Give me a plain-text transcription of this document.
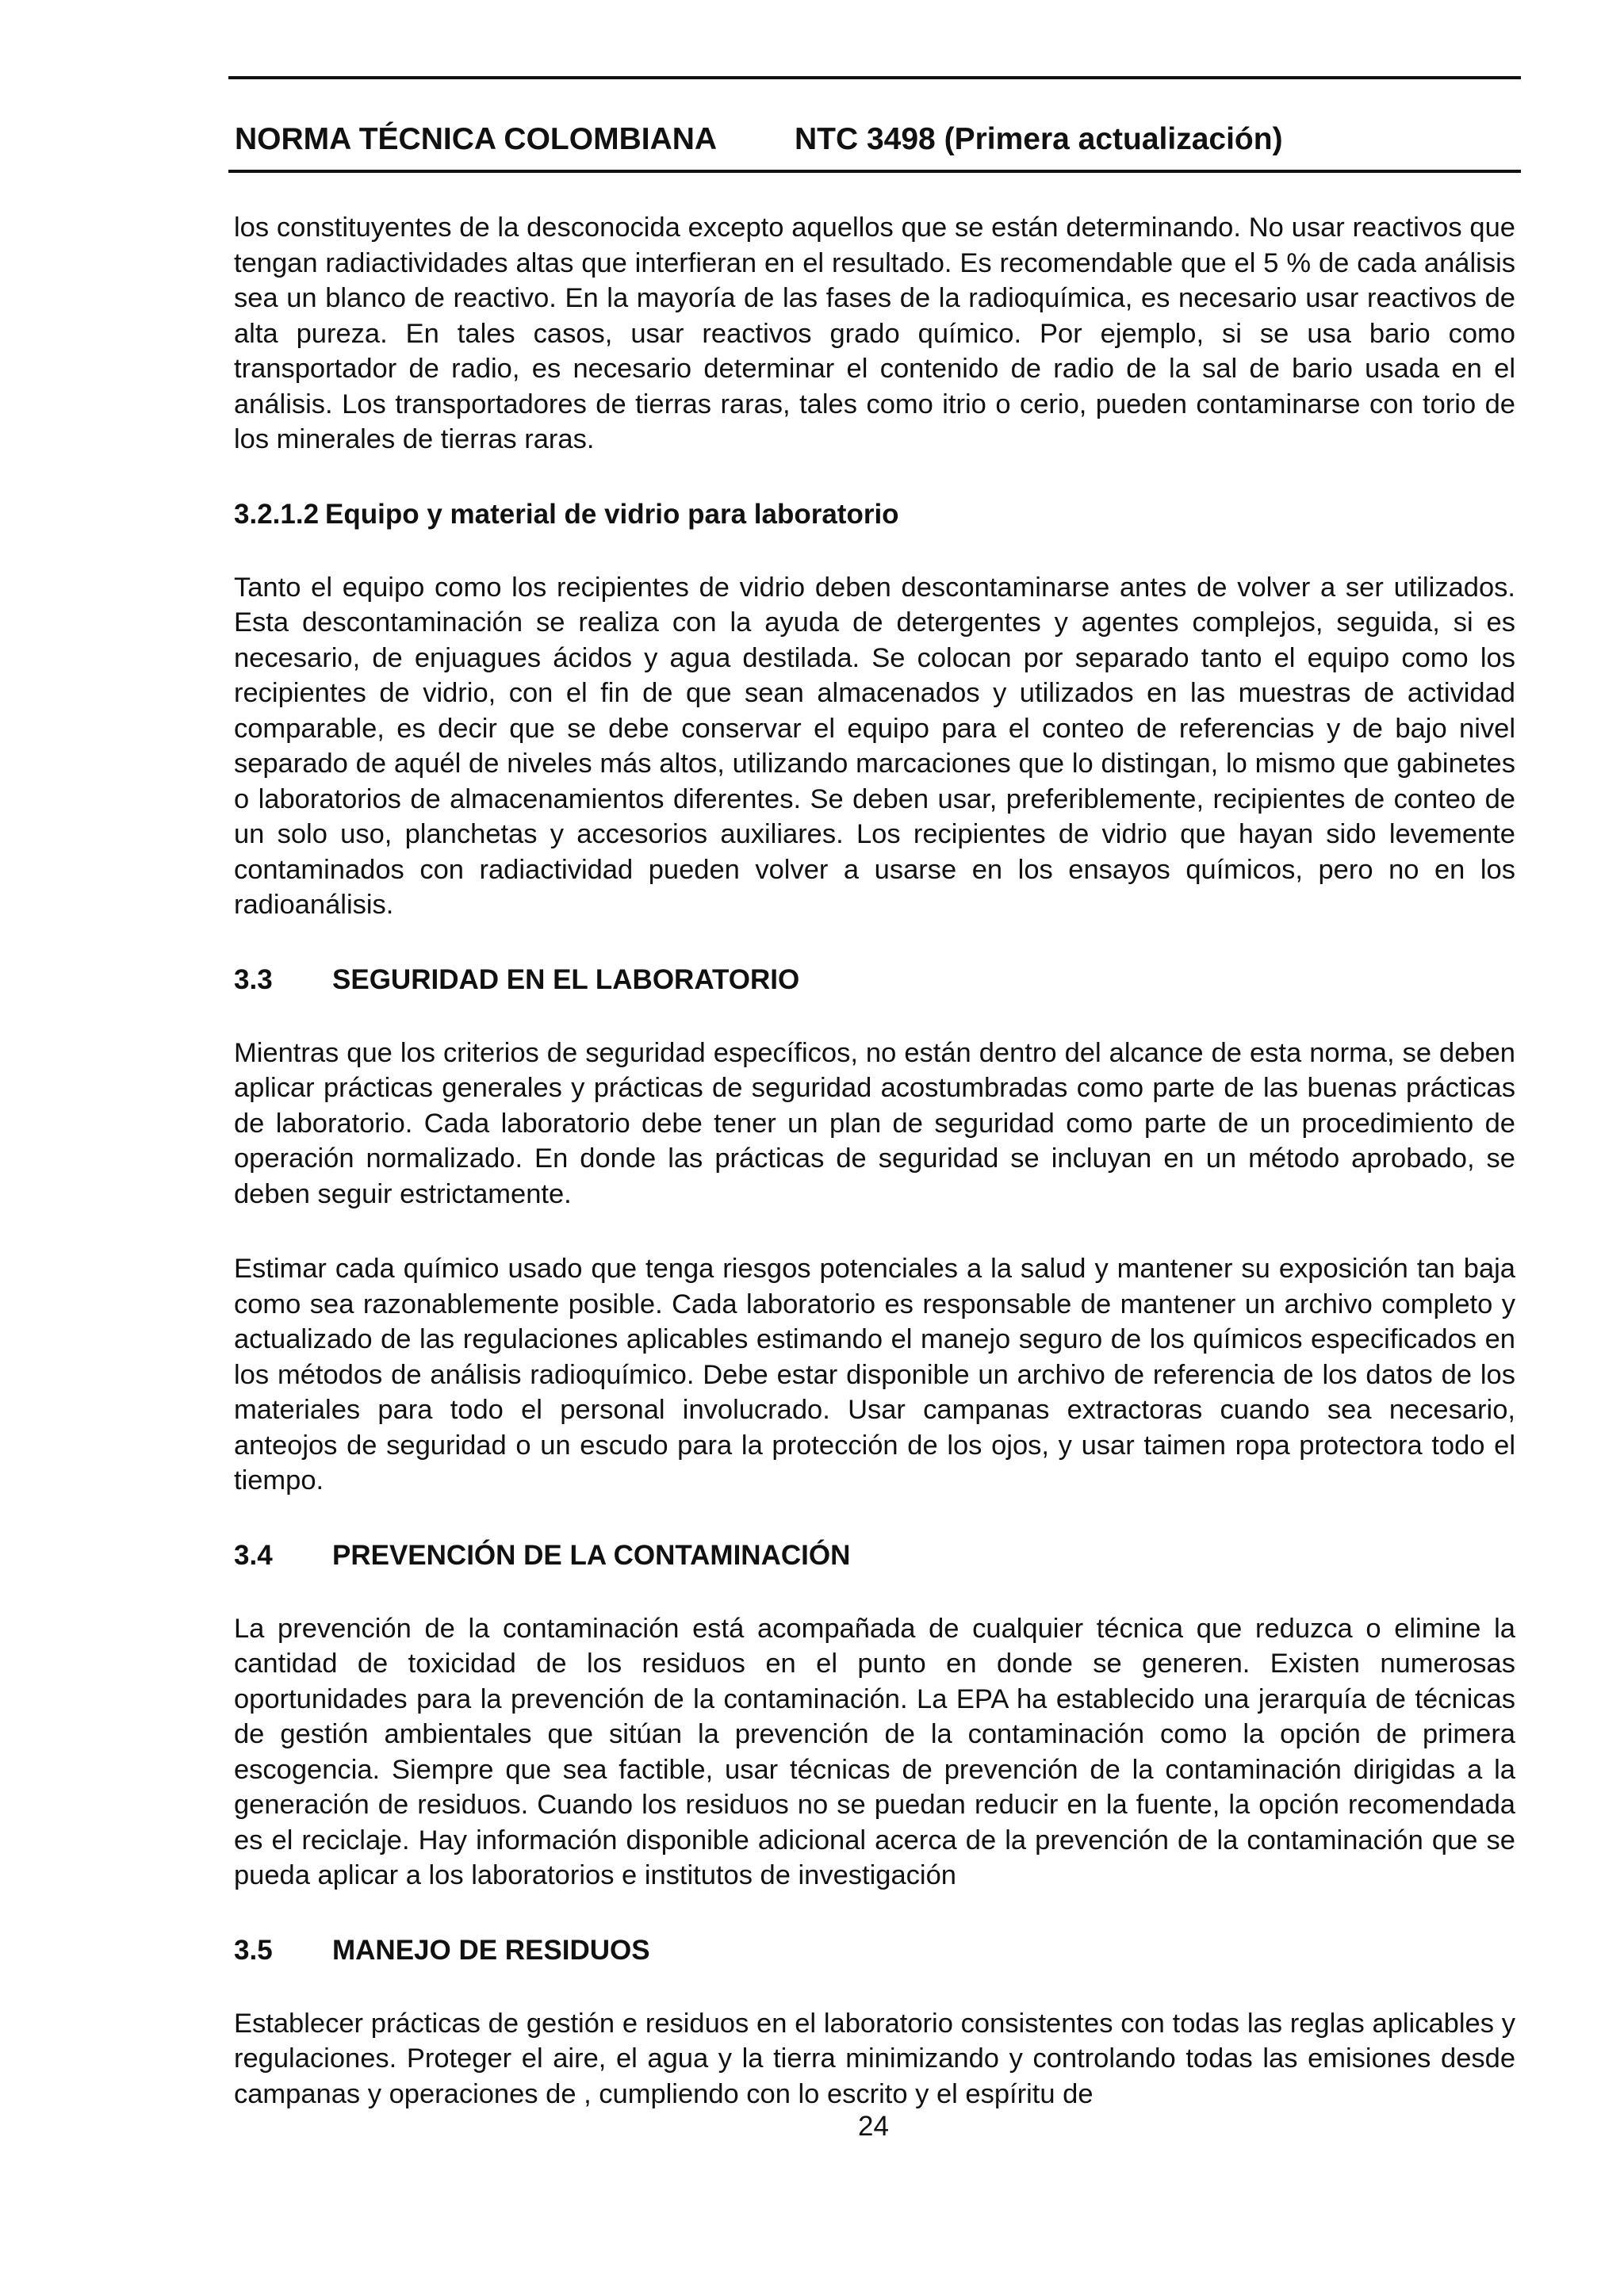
NORMA TÉCNICA COLOMBIANA	NTC 3498 (Primera actualización)

los constituyentes de la desconocida excepto aquellos que se están determinando. No usar reactivos que tengan radiactividades altas que interfieran en el resultado. Es recomendable que el 5 % de cada análisis sea un blanco de reactivo. En la mayoría de las fases de la radioquímica, es necesario usar reactivos de alta pureza. En tales casos, usar reactivos grado químico. Por ejemplo, si se usa bario como transportador de radio, es necesario determinar el contenido de radio de la sal de bario usada en el análisis. Los transportadores de tierras raras, tales como itrio o cerio, pueden contaminarse con torio de los minerales de tierras raras.

3.2.1.2 Equipo y material de vidrio para laboratorio

Tanto el equipo como los recipientes de vidrio deben descontaminarse antes de volver a ser utilizados. Esta descontaminación se realiza con la ayuda de detergentes y agentes complejos, seguida, si es necesario, de enjuagues ácidos y agua destilada. Se colocan por separado tanto el equipo como los recipientes de vidrio, con el fin de que sean almacenados y utilizados en las muestras de actividad comparable, es decir que se debe conservar el equipo para el conteo de referencias y de bajo nivel separado de aquél de niveles más altos, utilizando marcaciones que lo distingan, lo mismo que gabinetes o laboratorios de almacenamientos diferentes. Se deben usar, preferiblemente, recipientes de conteo de un solo uso, planchetas y accesorios auxiliares. Los recipientes de vidrio que hayan sido levemente contaminados con radiactividad pueden volver a usarse en los ensayos químicos, pero no en los radioanálisis.

3.3 SEGURIDAD EN EL LABORATORIO

Mientras que los criterios de seguridad específicos, no están dentro del alcance de esta norma, se deben aplicar prácticas generales y prácticas de seguridad acostumbradas como parte de las buenas prácticas de laboratorio. Cada laboratorio debe tener un plan de seguridad como parte de un procedimiento de operación normalizado. En donde las prácticas de seguridad se incluyan en un método aprobado, se deben seguir estrictamente.

Estimar cada químico usado que tenga riesgos potenciales a la salud y mantener su exposición tan baja como sea razonablemente posible. Cada laboratorio es responsable de mantener un archivo completo y actualizado de las regulaciones aplicables estimando el manejo seguro de los químicos especificados en los métodos de análisis radioquímico. Debe estar disponible un archivo de referencia de los datos de los materiales para todo el personal involucrado. Usar campanas extractoras cuando sea necesario, anteojos de seguridad o un escudo para la protección de los ojos, y usar taimen ropa protectora todo el tiempo.

3.4 PREVENCIÓN DE LA CONTAMINACIÓN

La prevención de la contaminación está acompañada de cualquier técnica que reduzca o elimine la cantidad de toxicidad de los residuos en el punto en donde se generen. Existen numerosas oportunidades para la prevención de la contaminación. La EPA ha establecido una jerarquía de técnicas de gestión ambientales que sitúan la prevención de la contaminación como la opción de primera escogencia. Siempre que sea factible, usar técnicas de prevención de la contaminación dirigidas a la generación de residuos. Cuando los residuos no se puedan reducir en la fuente, la opción recomendada es el reciclaje. Hay información disponible adicional acerca de la prevención de la contaminación que se pueda aplicar a los laboratorios e institutos de investigación

3.5 MANEJO DE RESIDUOS

Establecer prácticas de gestión e residuos en el laboratorio consistentes con todas las reglas aplicables y regulaciones. Proteger el aire, el agua y la tierra minimizando y controlando todas las emisiones desde campanas y operaciones de , cumpliendo con lo escrito y el espíritu de

24
